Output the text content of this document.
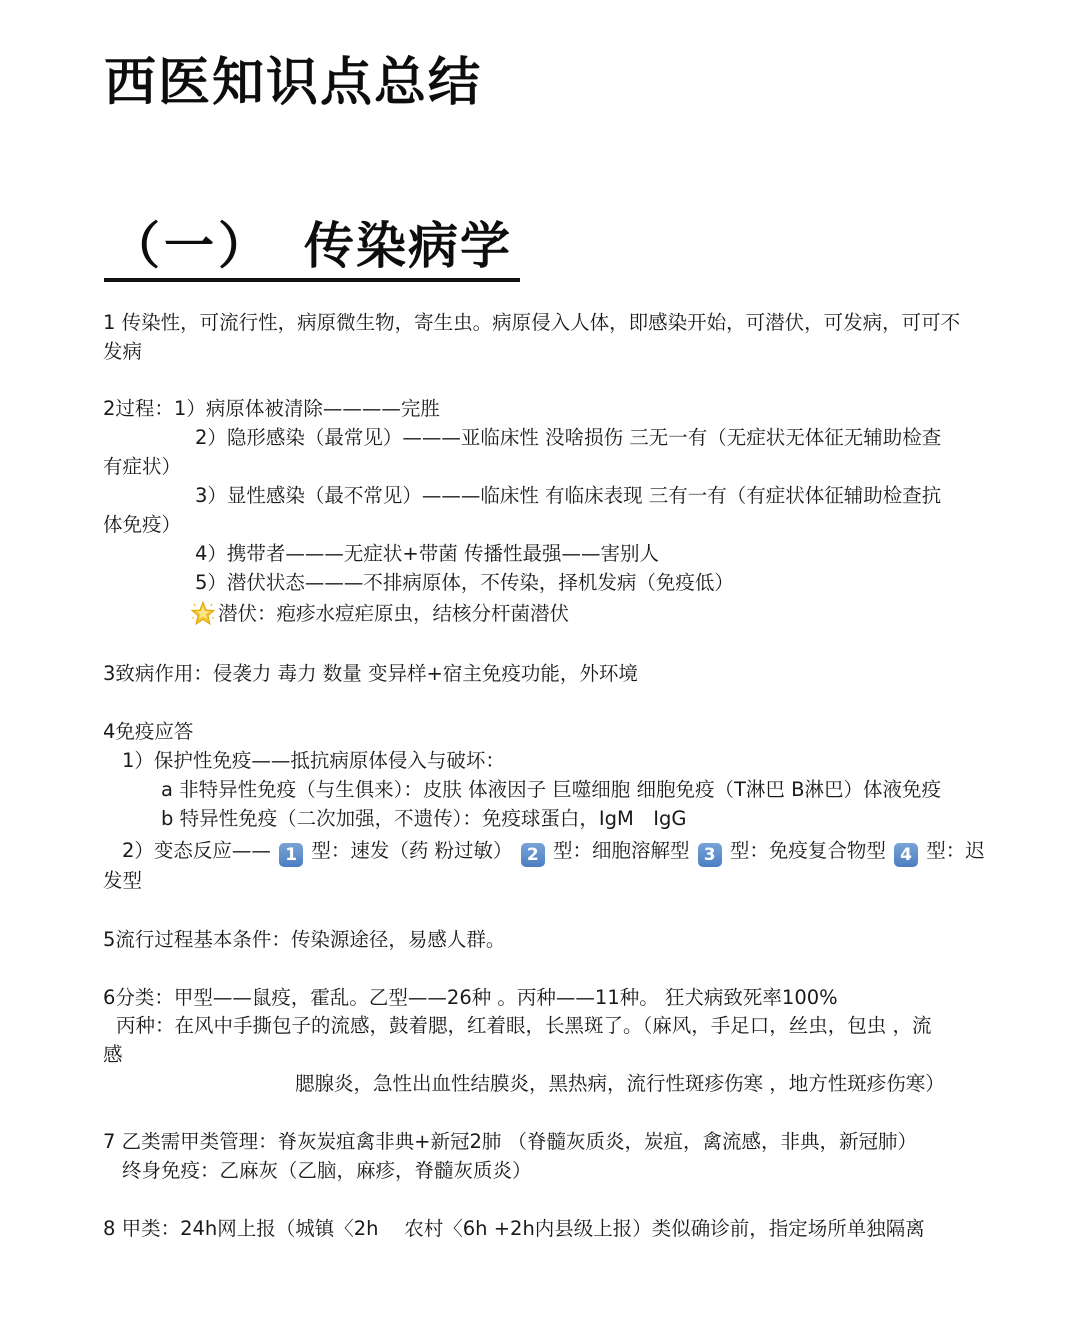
西医知识点总结
（一） 传染病学
1 传染性，可流行性，病原微生物，寄生虫。病原侵入人体，即感染开始，可潜伏，可发病，可可不
发病
2过程：1）病原体被清除————完胜
2）隐形感染（最常见）———亚临床性 没啥损伤 三无一有（无症状无体征无辅助检查
有症状）
3）显性感染（最不常见）———临床性 有临床表现 三有一有（有症状体征辅助检查抗
体免疫）
4）携带者———无症状+带菌 传播性最强——害别人
5）潜伏状态———不排病原体，不传染，择机发病（免疫低）
潜伏：疱疹水痘疟原虫，结核分杆菌潜伏
3致病作用：侵袭力 毒力 数量 变异样+宿主免疫功能，外环境
4免疫应答
1）保护性免疫——抵抗病原体侵入与破坏：
a 非特异性免疫（与生俱来）：皮肤 体液因子 巨噬细胞 细胞免疫（T淋巴 B淋巴）体液免疫
b 特异性免疫（二次加强，不遗传）：免疫球蛋白，IgM　IgG
2）变态反应—— 1 型：速发（药 粉过敏） 2 型：细胞溶解型 3 型：免疫复合物型 4 型：迟
发型
5流行过程基本条件：传染源途径，易感人群。
6分类：甲型——鼠疫，霍乱。乙型——26种 。丙种——11种。 狂犬病致死率100%
丙种：在风中手撕包子的流感，鼓着腮，红着眼，长黑斑了。（麻风，手足口，丝虫，包虫 ，流
感
腮腺炎，急性出血性结膜炎，黑热病，流行性斑疹伤寒 ，地方性斑疹伤寒）
7 乙类需甲类管理：脊灰炭疽禽非典+新冠2肺 （脊髓灰质炎，炭疽，禽流感，非典，新冠肺）
终身免疫：乙麻灰（乙脑，麻疹，脊髓灰质炎）
8 甲类：24h网上报（城镇〈2h　 农村〈6h +2h内县级上报）类似确诊前，指定场所单独隔离
